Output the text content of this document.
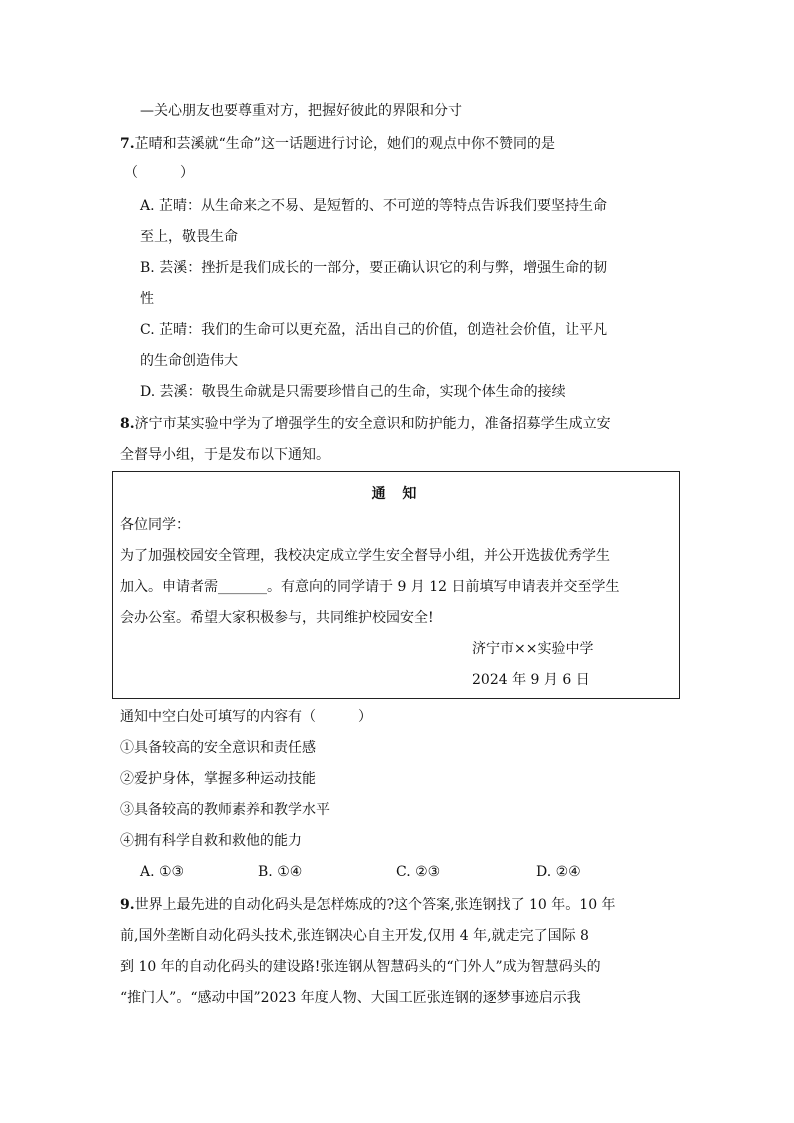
—关心朋友也要尊重对方，把握好彼此的界限和分寸
7.芷晴和芸溪就“生命”这一话题进行讨论，她们的观点中你不赞同的是
（　　　）
A. 芷晴：从生命来之不易、是短暂的、不可逆的等特点告诉我们要坚持生命
至上，敬畏生命
B. 芸溪：挫折是我们成长的一部分，要正确认识它的利与弊，增强生命的韧
性
C. 芷晴：我们的生命可以更充盈，活出自己的价值，创造社会价值，让平凡
的生命创造伟大
D. 芸溪：敬畏生命就是只需要珍惜自己的生命，实现个体生命的接续
8.济宁市某实验中学为了增强学生的安全意识和防护能力，准备招募学生成立安
全督导小组，于是发布以下通知。
通 知
各位同学：
为了加强校园安全管理，我校决定成立学生安全督导小组，并公开选拔优秀学生
加入。申请者需_______。有意向的同学请于 9 月 12 日前填写申请表并交至学生
会办公室。希望大家积极参与，共同维护校园安全!
济宁市××实验中学
2024 年 9 月 6 日
通知中空白处可填写的内容有（　　　）
①具备较高的安全意识和责任感
②爱护身体，掌握多种运动技能
③具备较高的教师素养和教学水平
④拥有科学自救和救他的能力
A. ①③	B. ①④	C. ②③	D. ②④
9.世界上最先进的自动化码头是怎样炼成的?这个答案,张连钢找了 10 年。10 年
前,国外垄断自动化码头技术,张连钢决心自主开发,仅用 4 年,就走完了国际 8
到 10 年的自动化码头的建设路!张连钢从智慧码头的“门外人”成为智慧码头的
“推门人”。“感动中国”2023 年度人物、大国工匠张连钢的逐梦事迹启示我
